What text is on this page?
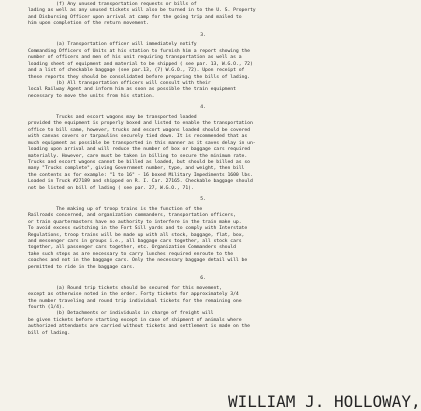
(f) Any unused transportation requests or bills of
lading as well as any unused tickets will also be turned in to the U. S. Property
and Disbursing Officer upon arrival at camp for the going trip and mailed to
him upon completion of the return movement.
3.
(a) Transportation officer will immediately notify
Commanding Officers of Units at his station to furnish him a report showing the
number of officers and men of his unit requiring transportation as well as a
loading sheet of equipment and material to be shipped ( see par. 13, W.G.O., 72)
and a list of checkable baggage (see par.13, (7) W.G.O., 72). Upon receipt of
these reports they should be consolidated before preparing the bills of lading.
(b) All transportation officers will consult with their
local Railway Agent and inform him as soon as possible the train equipment
necessary to move the units from his station.
4.
Trucks and escort wagons may be transported loaded
provided the equipment is properly boxed and listed to enable the transportation
office to bill same, however, trucks and escort wagons loaded should be covered
with canvas covers or tarpaulins securely tied down. It is recommended that as
much equipment as possible be transported in this manner as it saves delay in un-
loading upon arrival and will reduce the number of box or baggage cars required
materially. However, care must be taken in billing to secure the minimum rate.
Trucks and escort wagons cannot be billed as loaded, but should be billed as so
many "Trucks complete", giving Government number, type, and weight, then bill
the contents as for example: "1 to 16" - 16 boxed Military Impediments 1600 lbs.
Loaded in Truck #27189 and shipped on R. I. Car. 27165. Checkable baggage should
not be listed on bill of lading ( see par. 27, W.G.O., 71).
5.
The making up of troop trains is the function of the
Railroads concerned, and organization commanders, transportation officers,
or train quartermasters have no authority to interfere in the train make up.
To avoid excess switching in the Fort Sill yards and to comply with Interstate
Regulations, troop trains will be made up with all stock, baggage, flat, box,
and messenger cars in groups i.e., all baggage cars together, all stock cars
together, all passenger cars together, etc. Organization Commanders should
take such steps as are necessary to carry lunches required enroute to the
coaches and not in the baggage cars. Only the necessary baggage detail will be
permitted to ride in the baggage cars.
6.
(a) Round trip tickets should be secured for this movement,
except as otherwise noted in the order. Forty tickets for approximately 3/4
the number traveling and round trip individual tickets for the remaining one
fourth (1/4).
(b) Detachments or individuals in charge of freight will
be given tickets before starting except in case of shipment of animals where
authorized attendants are carried without tickets and settlement is made on the
bill of lading.
WILLIAM J. HOLLOWAY,
